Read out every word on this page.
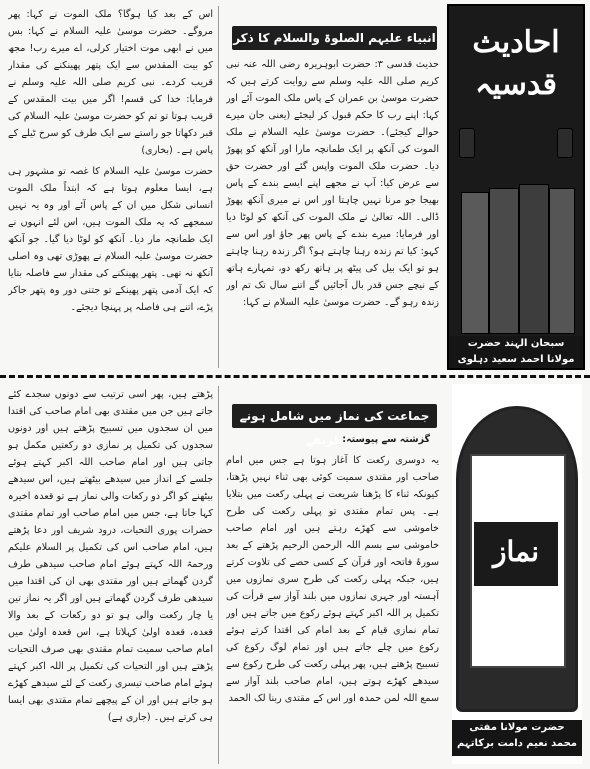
اس کے بعد کیا ہوگا؟ ملک الموت نے کہا: پھر مروگے۔ حضرت موسیٰ علیہ السلام نے کہا: بس میں نے ابھی موت اختیار کرلی، اے میرے رب! مجھ کو بیت المقدس سے ایک پتھر پھینکنے کی مقدار قریب کردے۔ نبی کریم صلی اللہ علیہ وسلم نے فرمایا: خدا کی قسم! اگر میں بیت المقدس کے قریب ہوتا تو تم کو حضرت موسیٰ علیہ السلام کی قبر دکھاتا جو راستے سے ایک طرف کو سرخ ٹیلے کے پاس ہے۔ (بخاری)

حضرت موسیٰ علیہ السلام کا غصہ تو مشہور ہی ہے، ایسا معلوم ہوتا ہے کہ ابتداً ملک الموت انسانی شکل میں ان کے پاس آئے اور وہ یہ نہیں سمجھے کہ یہ ملک الموت ہیں، اس لئے انہوں نے ایک طمانچہ مار دیا۔ آنکھ کو لوٹا دیا گیا۔ جو آنکھ حضرت موسیٰ علیہ السلام نے پھوڑی تھی وہ اصلی آنکھ نہ تھی۔ پتھر پھینکنے کی مقدار سے فاصلہ بتایا کہ ایک آدمی پتھر پھینکے تو جتنی دور وہ پتھر جاکر پڑے، اتنے ہی فاصلہ پر پہنچا دیجئے۔

انبیاء علیہم الصلوۃ والسلام کا ذکر

حدیث قدسی ۳: حضرت ابوہریرہ رضی اللہ عنہ نبی کریم صلی اللہ علیہ وسلم سے روایت کرتے ہیں کہ حضرت موسیٰ بن عمران کے پاس ملک الموت آئے اور کہا: اپنے رب کا حکم قبول کر لیجئے (یعنی جان میرے حوالے کیجئے)۔ حضرت موسیٰ علیہ السلام نے ملک الموت کی آنکھ پر ایک طمانچہ مارا اور آنکھ کو پھوڑ دیا۔ حضرت ملک الموت واپس گئے اور حضرت حق سے عرض کیا: آپ نے مجھے اپنے ایسے بندے کے پاس بھیجا جو مرنا نہیں چاہتا اور اس نے میری آنکھ پھوڑ ڈالی۔ اللہ تعالیٰ نے ملک الموت کی آنکھ کو لوٹا دیا اور فرمایا: میرے بندے کے پاس پھر جاؤ اور اس سے کہو: کیا تم زندہ رہنا چاہتے ہو؟ اگر زندہ رہنا چاہتے ہو تو ایک بیل کی پیٹھ پر ہاتھ رکھ دو، تمہارے ہاتھ کے نیچے جس قدر بال آجائیں گے اتنے سال تک تم اور زندہ رہو گے۔ حضرت موسیٰ علیہ السلام نے کہا:

احادیث قدسیہ
سبحان الہند حضرت
مولانا احمد سعید دہلوی
جماعت کی نماز میں شامل ہونے کے طریقے
گزشتہ سے پیوستہ:

یہ دوسری رکعت کا آغاز ہوتا ہے جس میں امام صاحب اور مقتدی سمیت کوئی بھی ثناء نہیں پڑھتا، کیونکہ ثناء کا پڑھنا شریعت نے پہلی رکعت میں بتلایا ہے۔ پس تمام مقتدی تو پہلی رکعت کی طرح خاموشی سے کھڑے رہتے ہیں اور امام صاحب خاموشی سے بسم اللہ الرحمن الرحیم پڑھتے کے بعد سورۂ فاتحہ اور قرآن کے کسی حصے کی تلاوت کرتے ہیں، جبکہ پہلی رکعت کی طرح سری نمازوں میں آہستہ اور جہری نمازوں میں بلند آواز سے قرأت کی تکمیل پر اللہ اکبر کہتے ہوئے رکوع میں جاتے ہیں اور تمام نمازی قیام کے بعد امام کی اقتدا کرتے ہوئے رکوع میں چلے جاتے ہیں اور تمام لوگ رکوع کی تسبیح پڑھتے ہیں، پھر پہلی رکعت کی طرح رکوع سے سیدھے کھڑے ہوتے ہیں، امام صاحب بلند آواز سے سمع اللہ لمن حمدہ اور اس کے مقتدی ربنا لک الحمد

پڑھتے ہیں، پھر اسی ترتیب سے دونوں سجدے کئے جاتے ہیں جن میں مقتدی بھی امام صاحب کی اقتدا میں ان سجدوں میں تسبیح پڑھتے ہیں اور دونوں سجدوں کی تکمیل پر نمازی دو رکعتیں مکمل ہو جاتی ہیں اور امام صاحب اللہ اکبر کہتے ہوئے جلسے کے انداز میں سیدھے بیٹھتے ہیں، اس سیدھے بیٹھنے کو اگر دو رکعات والی نماز ہے تو قعدہ اخیرہ کہا جاتا ہے، جس میں امام صاحب اور تمام مقتدی حضرات پوری التحیات، درود شریف اور دعا پڑھتے ہیں، امام صاحب اس کی تکمیل پر السلام علیکم ورحمۃ اللہ کہتے ہوئے امام صاحب سیدھی طرف گردن گھماتے ہیں اور مقتدی بھی ان کی اقتدا میں سیدھی طرف گردن گھماتے ہیں اور اگر یہ نماز تین یا چار رکعت والی ہو تو دو رکعات کے بعد والا قعدہ، قعدہ اولیٰ کہلاتا ہے، اس قعدہ اولیٰ میں امام صاحب سمیت تمام مقتدی بھی صرف التحیات پڑھتے ہیں اور التحیات کی تکمیل پر اللہ اکبر کہتے ہوئے امام صاحب تیسری رکعت کے لئے سیدھے کھڑے ہو جاتے ہیں اور ان کے پیچھے تمام مقتدی بھی ایسا ہی کرتے ہیں۔ (جاری ہے)

نماز
حضرت مولانا مفتی
محمد نعیم دامت برکاتہم
